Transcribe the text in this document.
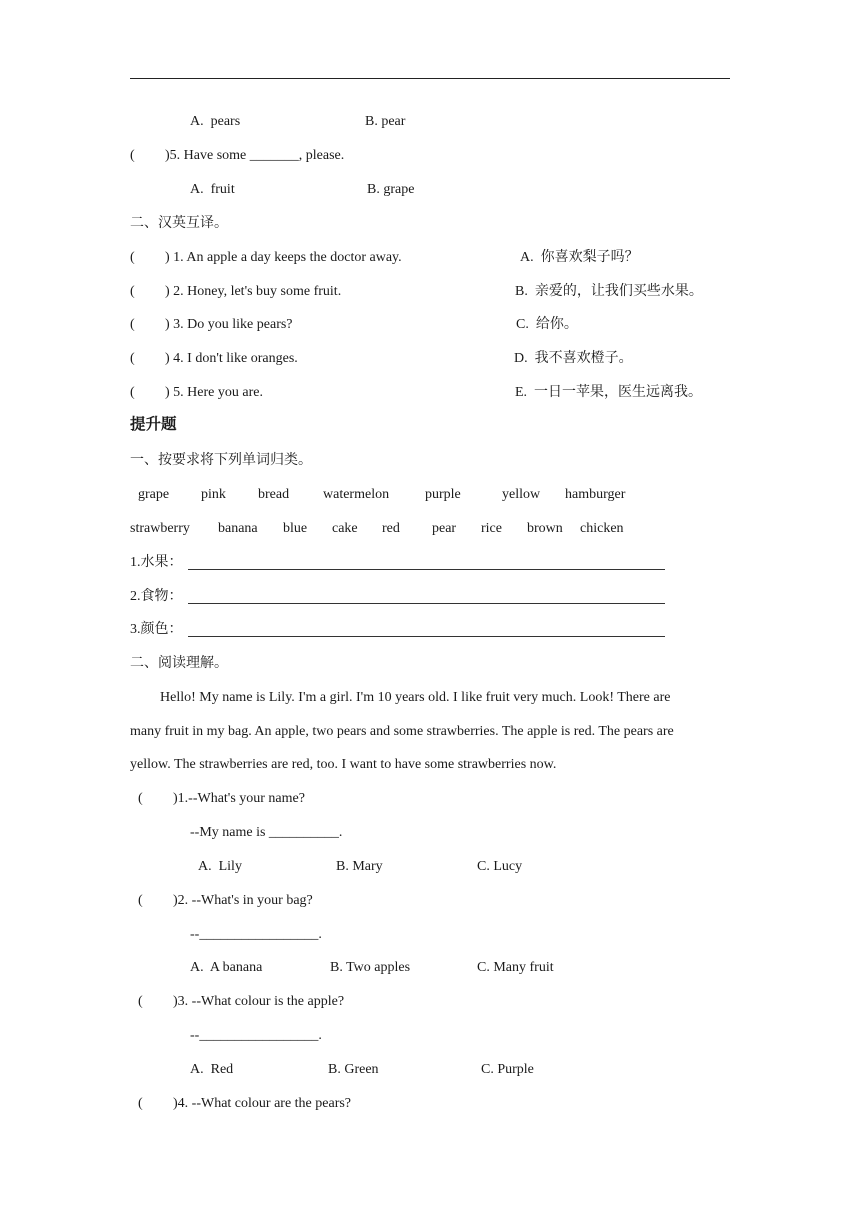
A.  pears	B. pear
( )5. Have some _______, please.
A.  fruit	B. grape
二、汉英互译。
( ) 1. An apple a day keeps the doctor away.	A.  你喜欢梨子吗？
( ) 2. Honey, let's buy some fruit.	B.  亲爱的，让我们买些水果。
( ) 3. Do you like pears?	C.  给你。
( ) 4. I don't like oranges.	D.  我不喜欢橙子。
( ) 5. Here you are.	E.  一日一苹果，医生远离我。
提升题
一、按要求将下列单词归类。
grape pink bread watermelon	purple	yellow hamburger
strawberry banana blue cake red pear rice brown chicken
1.水果：
2.食物：
3.颜色：
二、阅读理解。
Hello! My name is Lily. I'm a girl. I'm 10 years old. I like fruit very much. Look! There are
many fruit in my bag. An apple, two pears and some strawberries. The apple is red. The pears are
yellow. The strawberries are red, too. I want to have some strawberries now.
( )1.--What's your name?
--My name is __________.
A.  Lily	B. Mary	C. Lucy
( )2. --What's in your bag?
--_________________.
A.  A banana	B. Two apples	C. Many fruit
( )3. --What colour is the apple?
--_________________.
A.  Red	B. Green	C. Purple
( )4. --What colour are the pears?
